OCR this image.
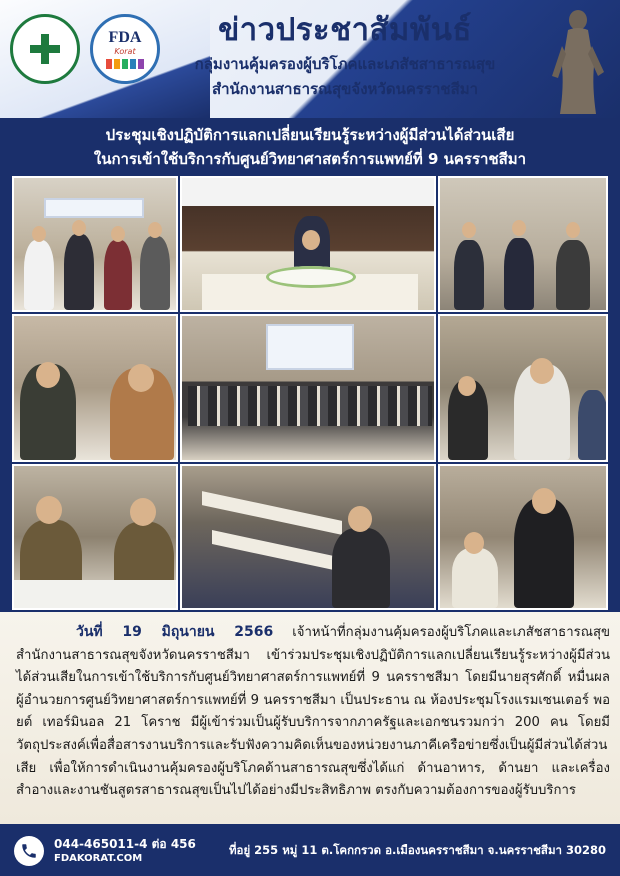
FDA
Korat
ข่าวประชาสัมพันธ์
กลุ่มงานคุ้มครองผู้บริโภคและเภสัชสาธารณสุข
สำนักงานสาธารณสุขจังหวัดนครราชสีมา
ประชุมเชิงปฏิบัติการแลกเปลี่ยนเรียนรู้ระหว่างผู้มีส่วนได้ส่วนเสีย
ในการเข้าใช้บริการกับศูนย์วิทยาศาสตร์การแพทย์ที่ 9 นครราชสีมา

วันที่ 19 มิถุนายน 2566 เจ้าหน้าที่กลุ่มงานคุ้มครองผู้บริโภคและเภสัชสาธารณสุข สำนักงานสาธารณสุขจังหวัดนครราชสีมา เข้าร่วมประชุมเชิงปฏิบัติการแลกเปลี่ยนเรียนรู้ระหว่างผู้มีส่วนได้ส่วนเสียในการเข้าใช้บริการกับศูนย์วิทยาศาสตร์การแพทย์ที่ 9 นครราชสีมา โดยมีนายสุรศักดิ์ หมื่นผล ผู้อำนวยการศูนย์วิทยาศาสตร์การแพทย์ที่ 9 นครราชสีมา เป็นประธาน ณ ห้องประชุมโรงแรมเซนเตอร์ พอยต์ เทอร์มินอล 21 โคราช มีผู้เข้าร่วมเป็นผู้รับบริการจากภาครัฐและเอกชนรวมกว่า 200 คน โดยมีวัตถุประสงค์เพื่อสื่อสารงานบริการและรับฟังความคิดเห็นของหน่วยงานภาคีเครือข่ายซึ่งเป็นผู้มีส่วนได้ส่วนเสีย เพื่อให้การดำเนินงานคุ้มครองผู้บริโภคด้านสาธารณสุขซึ่งได้แก่ ด้านอาหาร, ด้านยา และเครื่องสำอางและงานชันสูตรสาธารณสุขเป็นไปได้อย่างมีประสิทธิภาพ ตรงกับความต้องการของผู้รับบริการ

044-465011-4 ต่อ 456
FDAKORAT.COM
ที่อยู่ 255 หมู่ 11 ต.โคกกรวด อ.เมืองนครราชสีมา จ.นครราชสีมา 30280
